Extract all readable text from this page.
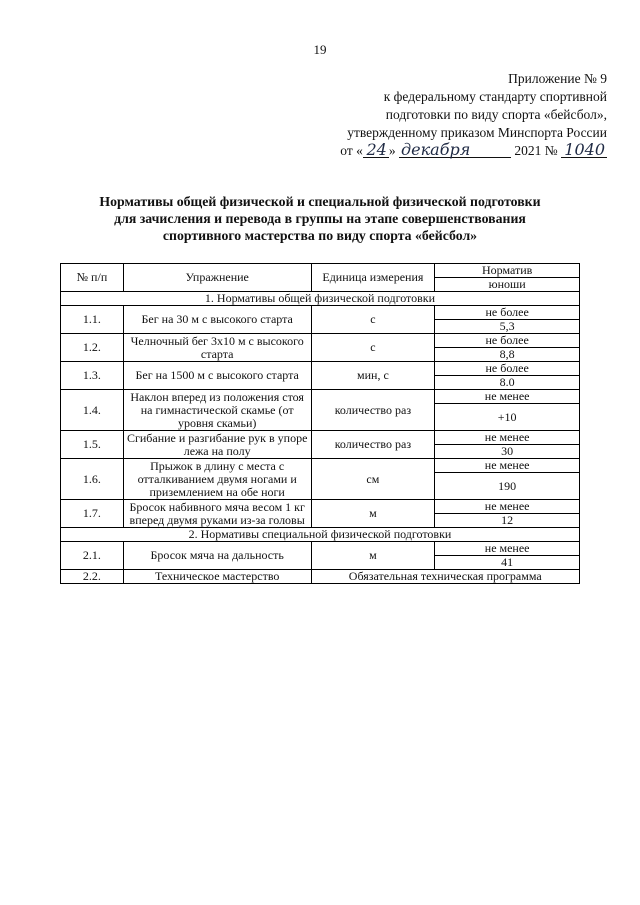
19
Приложение № 9
к федеральному стандарту спортивной
подготовки по виду спорта «бейсбол»,
утвержденному приказом Минспорта России
от « 24 » декабря	2021 № 1040
Нормативы общей физической и специальной физической подготовки
для зачисления и перевода в группы на этапе совершенствования
спортивного мастерства по виду спорта «бейсбол»
№ п/п	Упражнение	Единица измерения	Норматив
			юноши
1. Нормативы общей физической подготовки			
1.1.	Бег на 30 м с высокого старта	с	не более
			5,3
1.2.	Челночный бег 3х10 м с высокого старта	с	не более
			8,8
1.3.	Бег на 1500 м с высокого старта	мин, с	не более
			8.0
1.4.	Наклон вперед из положения стоя на гимнастической скамье (от уровня скамьи)	количество раз	не менее
			+10
1.5.	Сгибание и разгибание рук в упоре лежа на полу	количество раз	не менее
			30
1.6.	Прыжок в длину с места с отталкиванием двумя ногами и приземлением на обе ноги	см	не менее
			190
1.7.	Бросок набивного мяча весом 1 кг вперед двумя руками из-за головы	м	не менее
			12
2. Нормативы специальной физической подготовки			
2.1.	Бросок мяча на дальность	м	не менее
			41
2.2.	Техническое мастерство	Обязательная техническая программа	
